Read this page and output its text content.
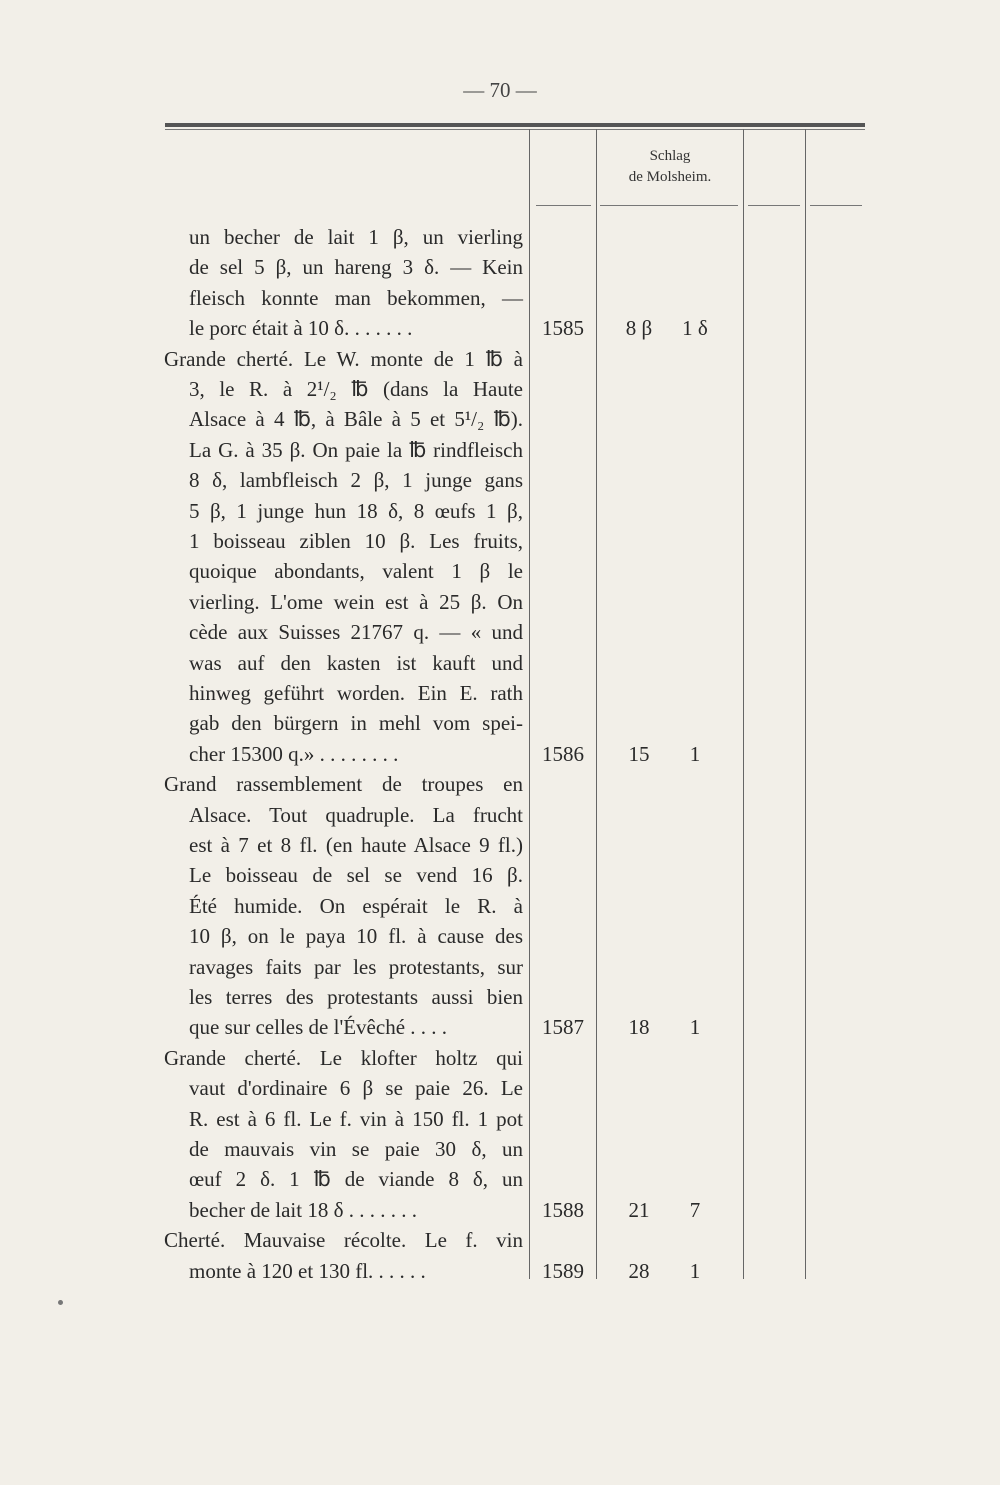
— 70 —
Schlag
de Molsheim.
un becher de lait 1 β, un vierling
de sel 5 β, un hareng 3 δ. — Kein
fleisch konnte man bekommen, —
le porc était à 10 δ. . . . . . .	1585	8 β	1 δ
Grande cherté. Le W. monte de 1 ℔ à
3, le R. à 2¹/₂ ℔ (dans la Haute
Alsace à 4 ℔, à Bâle à 5 et 5¹/₂ ℔).
La G. à 35 β. On paie la ℔ rindfleisch
8 δ, lambfleisch 2 β, 1 junge gans
5 β, 1 junge hun 18 δ, 8 œufs 1 β,
1 boisseau ziblen 10 β. Les fruits,
quoique abondants, valent 1 β le
vierling. L'ome wein est à 25 β. On
cède aux Suisses 21767 q. — « und
was auf den kasten ist kauft und
hinweg geführt worden. Ein E. rath
gab den bürgern in mehl vom spei-
cher 15300 q.» . . . . . . . .	1586	15	1
Grand rassemblement de troupes en
Alsace. Tout quadruple. La frucht
est à 7 et 8 fl. (en haute Alsace 9 fl.)
Le boisseau de sel se vend 16 β.
Été humide. On espérait le R. à
10 β, on le paya 10 fl. à cause des
ravages faits par les protestants, sur
les terres des protestants aussi bien
que sur celles de l'Évêché . . . .	1587	18	1
Grande cherté. Le klofter holtz qui
vaut d'ordinaire 6 β se paie 26. Le
R. est à 6 fl. Le f. vin à 150 fl. 1 pot
de mauvais vin se paie 30 δ, un
œuf 2 δ. 1 ℔ de viande 8 δ, un
becher de lait 18 δ . . . . . . .	1588	21	7
Cherté. Mauvaise récolte. Le f. vin
monte à 120 et 130 fl. . . . . .	1589	28	1
